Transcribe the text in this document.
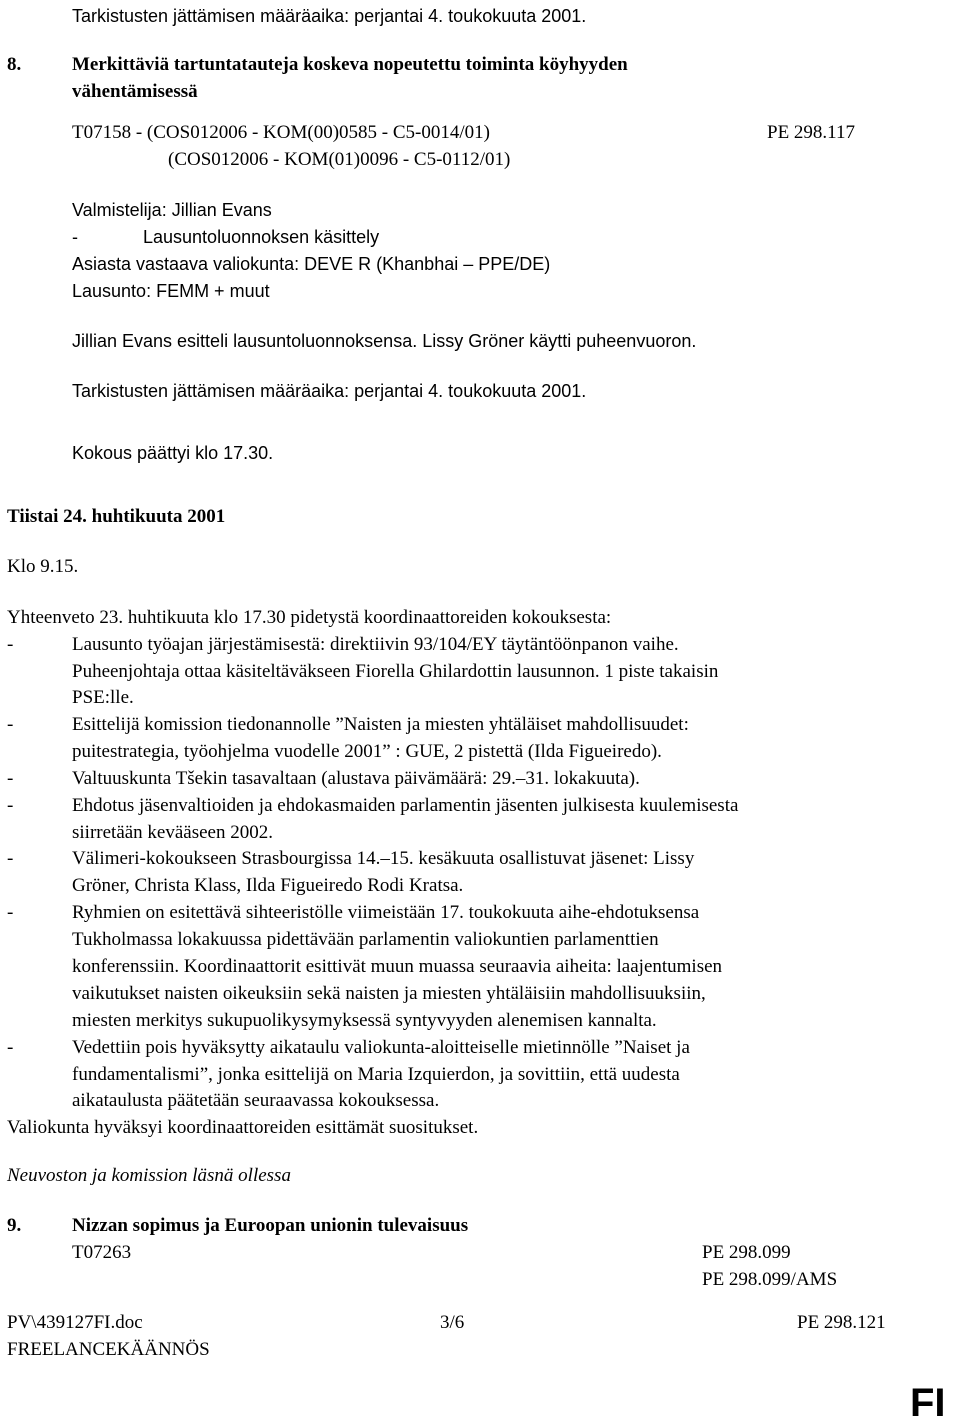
Tarkistusten jättämisen määräaika: perjantai 4. toukokuuta 2001.
8.	Merkittäviä tartuntatauteja koskeva nopeutettu toiminta köyhyyden
vähentämisessä
T07158 - (COS012006 - KOM(00)0585 - C5-0014/01)	PE 298.117
(COS012006 - KOM(01)0096 - C5-0112/01)
Valmistelija: Jillian Evans
-	Lausuntoluonnoksen käsittely
Asiasta vastaava valiokunta: DEVE R (Khanbhai – PPE/DE)
Lausunto: FEMM + muut
Jillian Evans esitteli lausuntoluonnoksensa. Lissy Gröner käytti puheenvuoron.
Tarkistusten jättämisen määräaika: perjantai 4. toukokuuta 2001.
Kokous päättyi klo 17.30.
Tiistai 24. huhtikuuta 2001
Klo 9.15.
Yhteenveto 23. huhtikuuta klo 17.30 pidetystä koordinaattoreiden kokouksesta:
-	Lausunto työajan järjestämisestä: direktiivin 93/104/EY täytäntöönpanon vaihe.
Puheenjohtaja ottaa käsiteltäväkseen Fiorella Ghilardottin lausunnon. 1 piste takaisin
PSE:lle.
-	Esittelijä komission tiedonannolle ”Naisten ja miesten yhtäläiset mahdollisuudet:
puitestrategia, työohjelma vuodelle 2001” : GUE, 2 pistettä (Ilda Figueiredo).
-	Valtuuskunta Tšekin tasavaltaan (alustava päivämäärä: 29.–31. lokakuuta).
-	Ehdotus jäsenvaltioiden ja ehdokasmaiden parlamentin jäsenten julkisesta kuulemisesta
siirretään kevääseen 2002.
-	Välimeri-kokoukseen Strasbourgissa 14.–15. kesäkuuta osallistuvat jäsenet: Lissy
Gröner, Christa Klass, Ilda Figueiredo Rodi Kratsa.
-	Ryhmien on esitettävä sihteeristölle viimeistään 17. toukokuuta aihe-ehdotuksensa
Tukholmassa lokakuussa pidettävään parlamentin valiokuntien parlamenttien
konferenssiin. Koordinaattorit esittivät muun muassa seuraavia aiheita: laajentumisen
vaikutukset naisten oikeuksiin sekä naisten ja miesten yhtäläisiin mahdollisuuksiin,
miesten merkitys sukupuolikysymyksessä syntyvyyden alenemisen kannalta.
-	Vedettiin pois hyväksytty aikataulu valiokunta-aloitteiselle mietinnölle ”Naiset ja
fundamentalismi”, jonka esittelijä on Maria Izquierdon, ja sovittiin, että uudesta
aikataulusta päätetään seuraavassa kokouksessa.
Valiokunta hyväksyi koordinaattoreiden esittämät suositukset.
Neuvoston ja komission läsnä ollessa
9.	Nizzan sopimus ja Euroopan unionin tulevaisuus
T07263	PE 298.099
PE 298.099/AMS
PV\439127FI.doc	3/6	PE 298.121
FREELANCEKÄÄNNÖS
FI
